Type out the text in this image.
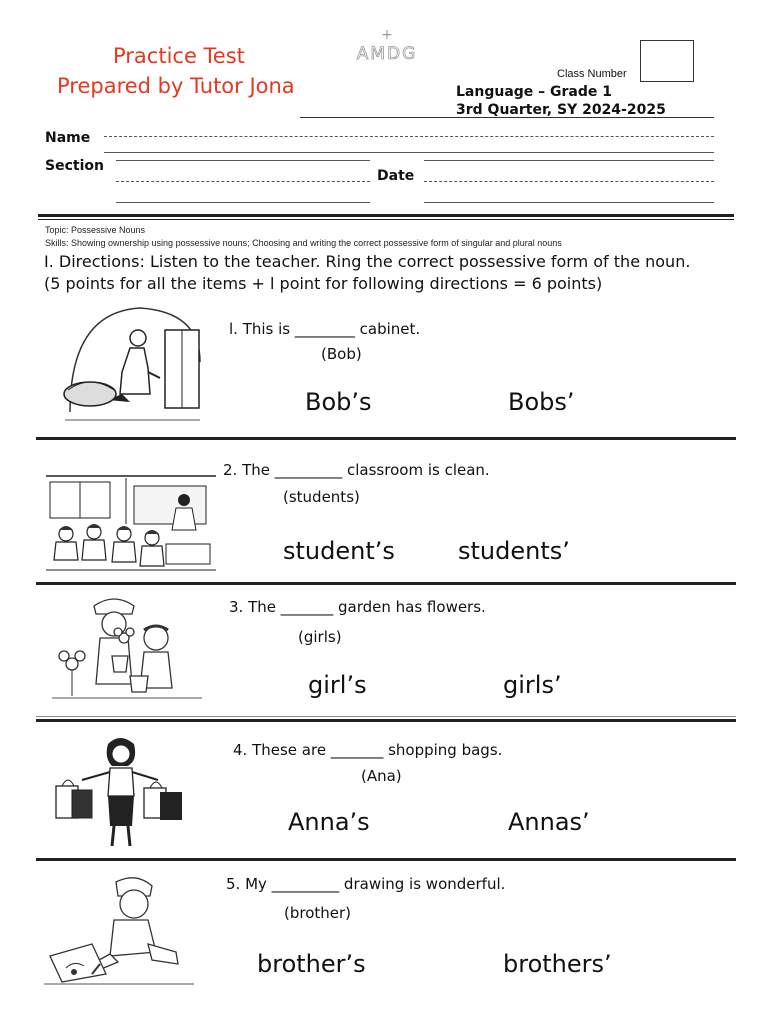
Practice Test
Prepared by Tutor Jona
+
AMDG
Class Number
Language – Grade 1
3rd Quarter, SY 2024-2025
Name
Section
Date
Topic: Possessive Nouns
Skills: Showing ownership using possessive nouns; Choosing and writing the correct possessive form of singular and plural nouns
I. Directions: Listen to the teacher. Ring the correct possessive form of the noun.
(5 points for all the items + l point for following directions = 6 points)
l. This is ________ cabinet.
(Bob)
Bob’s	Bobs’
2. The _________ classroom is clean.
(students)
student’s	students’
3. The _______ garden has flowers.
(girls)
girl’s	girls’
4. These are _______ shopping bags.
(Ana)
Anna’s	Annas’
5. My _________ drawing is wonderful.
(brother)
brother’s	brothers’
